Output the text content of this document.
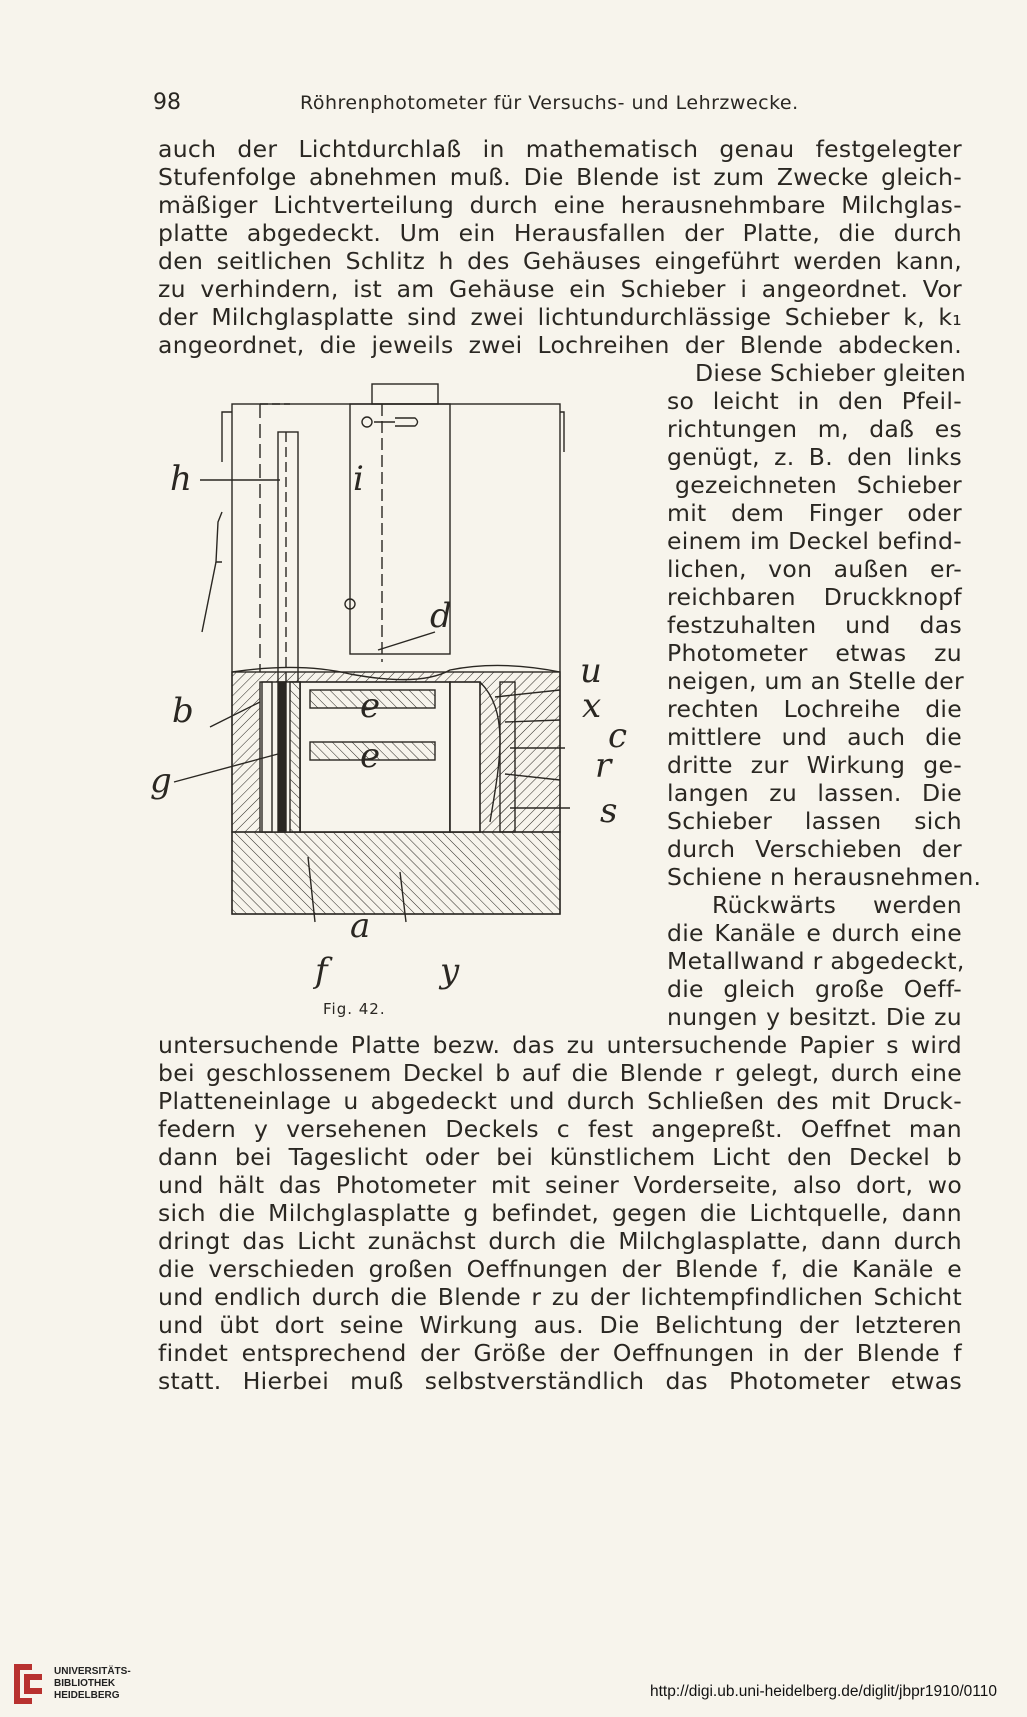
98	Röhrenphotometer für Versuchs- und Lehrzwecke.
auch der Lichtdurchlaß in mathematisch genau festgelegter
Stufenfolge abnehmen muß. Die Blende ist zum Zwecke gleich-
mäßiger Lichtverteilung durch eine herausnehmbare Milchglas-
platte abgedeckt. Um ein Herausfallen der Platte, die durch
den seitlichen Schlitz h des Gehäuses eingeführt werden kann,
zu verhindern, ist am Gehäuse ein Schieber i angeordnet. Vor
der Milchglasplatte sind zwei lichtundurchlässige Schieber k, k₁
angeordnet, die jeweils zwei Lochreihen der Blende abdecken.
Diese Schieber gleiten
so leicht in den Pfeil-
richtungen m, daß es
genügt, z. B. den links
gezeichneten Schieber
mit dem Finger oder
einem im Deckel befind-
lichen, von außen er-
reichbaren Druckknopf
festzuhalten und das
Photometer etwas zu
neigen, um an Stelle der
rechten Lochreihe die
mittlere und auch die
dritte zur Wirkung ge-
langen zu lassen. Die
Schieber lassen sich
durch Verschieben der
Schiene n herausnehmen.
Rückwärts werden
die Kanäle e durch eine
Metallwand r abgedeckt,
die gleich große Oeff-
nungen y besitzt. Die zu
untersuchende Platte bezw. das zu untersuchende Papier s wird
bei geschlossenem Deckel b auf die Blende r gelegt, durch eine
Platteneinlage u abgedeckt und durch Schließen des mit Druck-
federn y versehenen Deckels c fest angepreßt. Oeffnet man
dann bei Tageslicht oder bei künstlichem Licht den Deckel b
und hält das Photometer mit seiner Vorderseite, also dort, wo
sich die Milchglasplatte g befindet, gegen die Lichtquelle, dann
dringt das Licht zunächst durch die Milchglasplatte, dann durch
die verschieden großen Oeffnungen der Blende f, die Kanäle e
und endlich durch die Blende r zu der lichtempfindlichen Schicht
und übt dort seine Wirkung aus. Die Belichtung der letzteren
findet entsprechend der Größe der Oeffnungen in der Blende f
statt. Hierbei muß selbstverständlich das Photometer etwas
h	i
d
b
g
e
e
u
x
c
r
s
a
f	y
Fig. 42.
UNIVERSITÄTS-
BIBLIOTHEK
HEIDELBERG	http://digi.ub.uni-heidelberg.de/diglit/jbpr1910/0110
